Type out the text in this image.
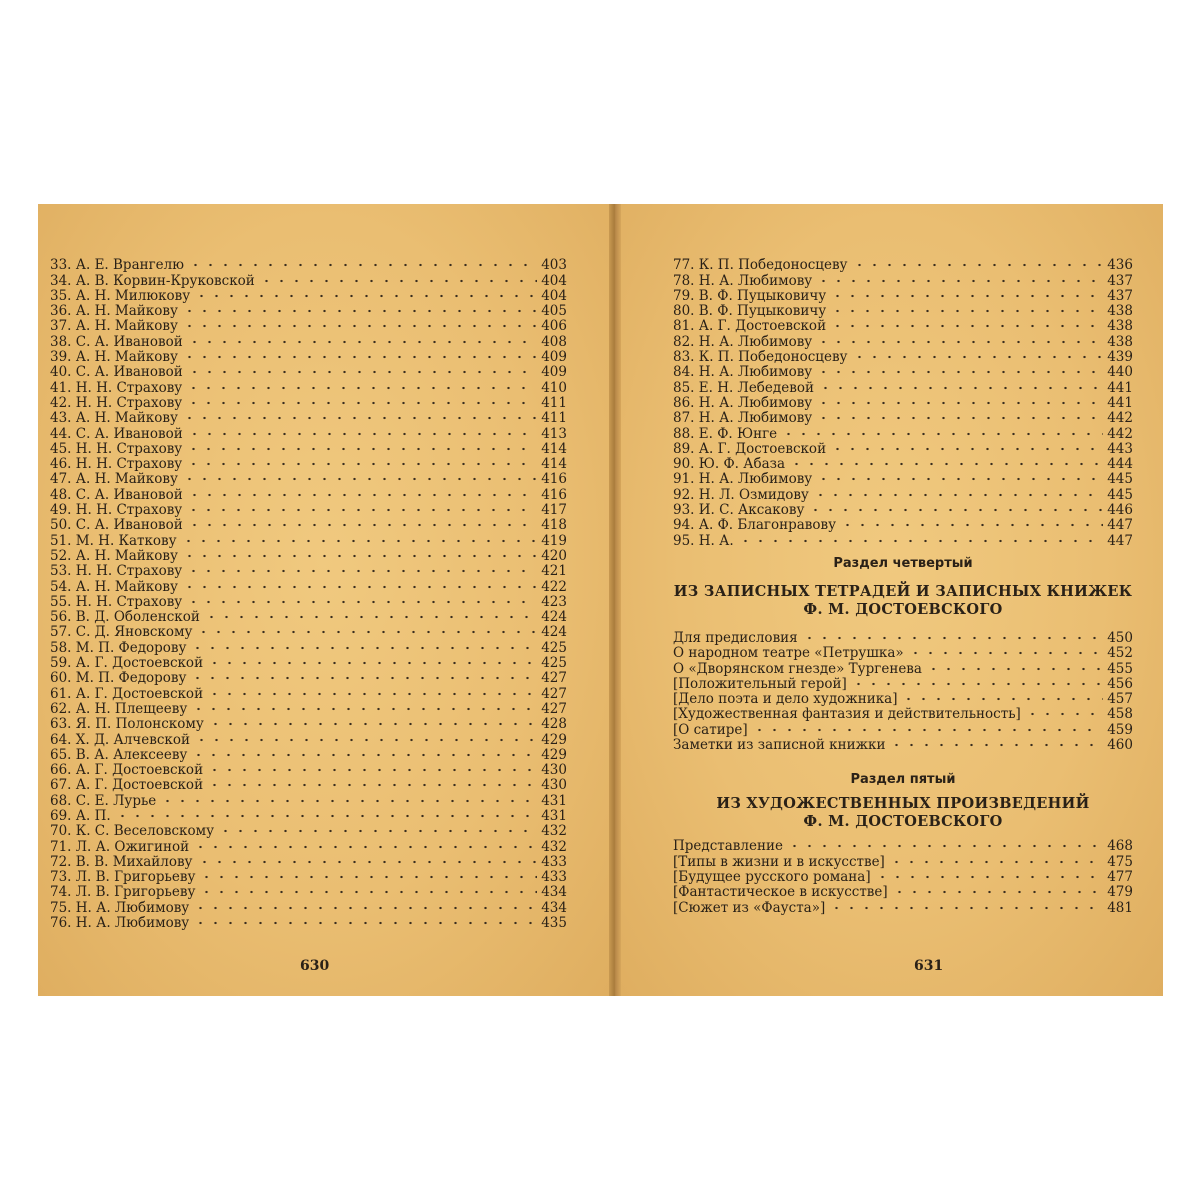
33. А. Е. Врангелю	403
34. А. В. Корвин-Круковской	404
35. А. Н. Милюкову	404
36. А. Н. Майкову	405
37. А. Н. Майкову	406
38. С. А. Ивановой	408
39. А. Н. Майкову	409
40. С. А. Ивановой	409
41. Н. Н. Страхову	410
42. Н. Н. Страхову	411
43. А. Н. Майкову	411
44. С. А. Ивановой	413
45. Н. Н. Страхову	414
46. Н. Н. Страхову	414
47. А. Н. Майкову	416
48. С. А. Ивановой	416
49. Н. Н. Страхову	417
50. С. А. Ивановой	418
51. М. Н. Каткову	419
52. А. Н. Майкову	420
53. Н. Н. Страхову	421
54. А. Н. Майкову	422
55. Н. Н. Страхову	423
56. В. Д. Оболенской	424
57. С. Д. Яновскому	424
58. М. П. Федорову	425
59. А. Г. Достоевской	425
60. М. П. Федорову	427
61. А. Г. Достоевской	427
62. А. Н. Плещееву	427
63. Я. П. Полонскому	428
64. Х. Д. Алчевской	429
65. В. А. Алексееву	429
66. А. Г. Достоевской	430
67. А. Г. Достоевской	430
68. С. Е. Лурье	431
69. А. П.	431
70. К. С. Веселовскому	432
71. Л. А. Ожигиной	432
72. В. В. Михайлову	433
73. Л. В. Григорьеву	433
74. Л. В. Григорьеву	434
75. Н. А. Любимову	434
76. Н. А. Любимову	435
630
77. К. П. Победоносцеву	436
78. Н. А. Любимову	437
79. В. Ф. Пуцыковичу	437
80. В. Ф. Пуцыковичу	438
81. А. Г. Достоевской	438
82. Н. А. Любимову	438
83. К. П. Победоносцеву	439
84. Н. А. Любимову	440
85. Е. Н. Лебедевой	441
86. Н. А. Любимову	441
87. Н. А. Любимову	442
88. Е. Ф. Юнге	442
89. А. Г. Достоевской	443
90. Ю. Ф. Абаза	444
91. Н. А. Любимову	445
92. Н. Л. Озмидову	445
93. И. С. Аксакову	446
94. А. Ф. Благонравову	447
95. Н. А.	447
Раздел четвертый
ИЗ ЗАПИСНЫХ ТЕТРАДЕЙ И ЗАПИСНЫХ КНИЖЕК
Ф. М. ДОСТОЕВСКОГО
Для предисловия	450
О народном театре «Петрушка»	452
О «Дворянском гнезде» Тургенева	455
[Положительный герой]	456
[Дело поэта и дело художника]	457
[Художественная фантазия и действительность]	458
[О сатире]	459
Заметки из записной книжки	460
Раздел пятый
ИЗ ХУДОЖЕСТВЕННЫХ ПРОИЗВЕДЕНИЙ
Ф. М. ДОСТОЕВСКОГО
Представление	468
[Типы в жизни и в искусстве]	475
[Будущее русского романа]	477
[Фантастическое в искусстве]	479
[Сюжет из «Фауста»]	481
631
